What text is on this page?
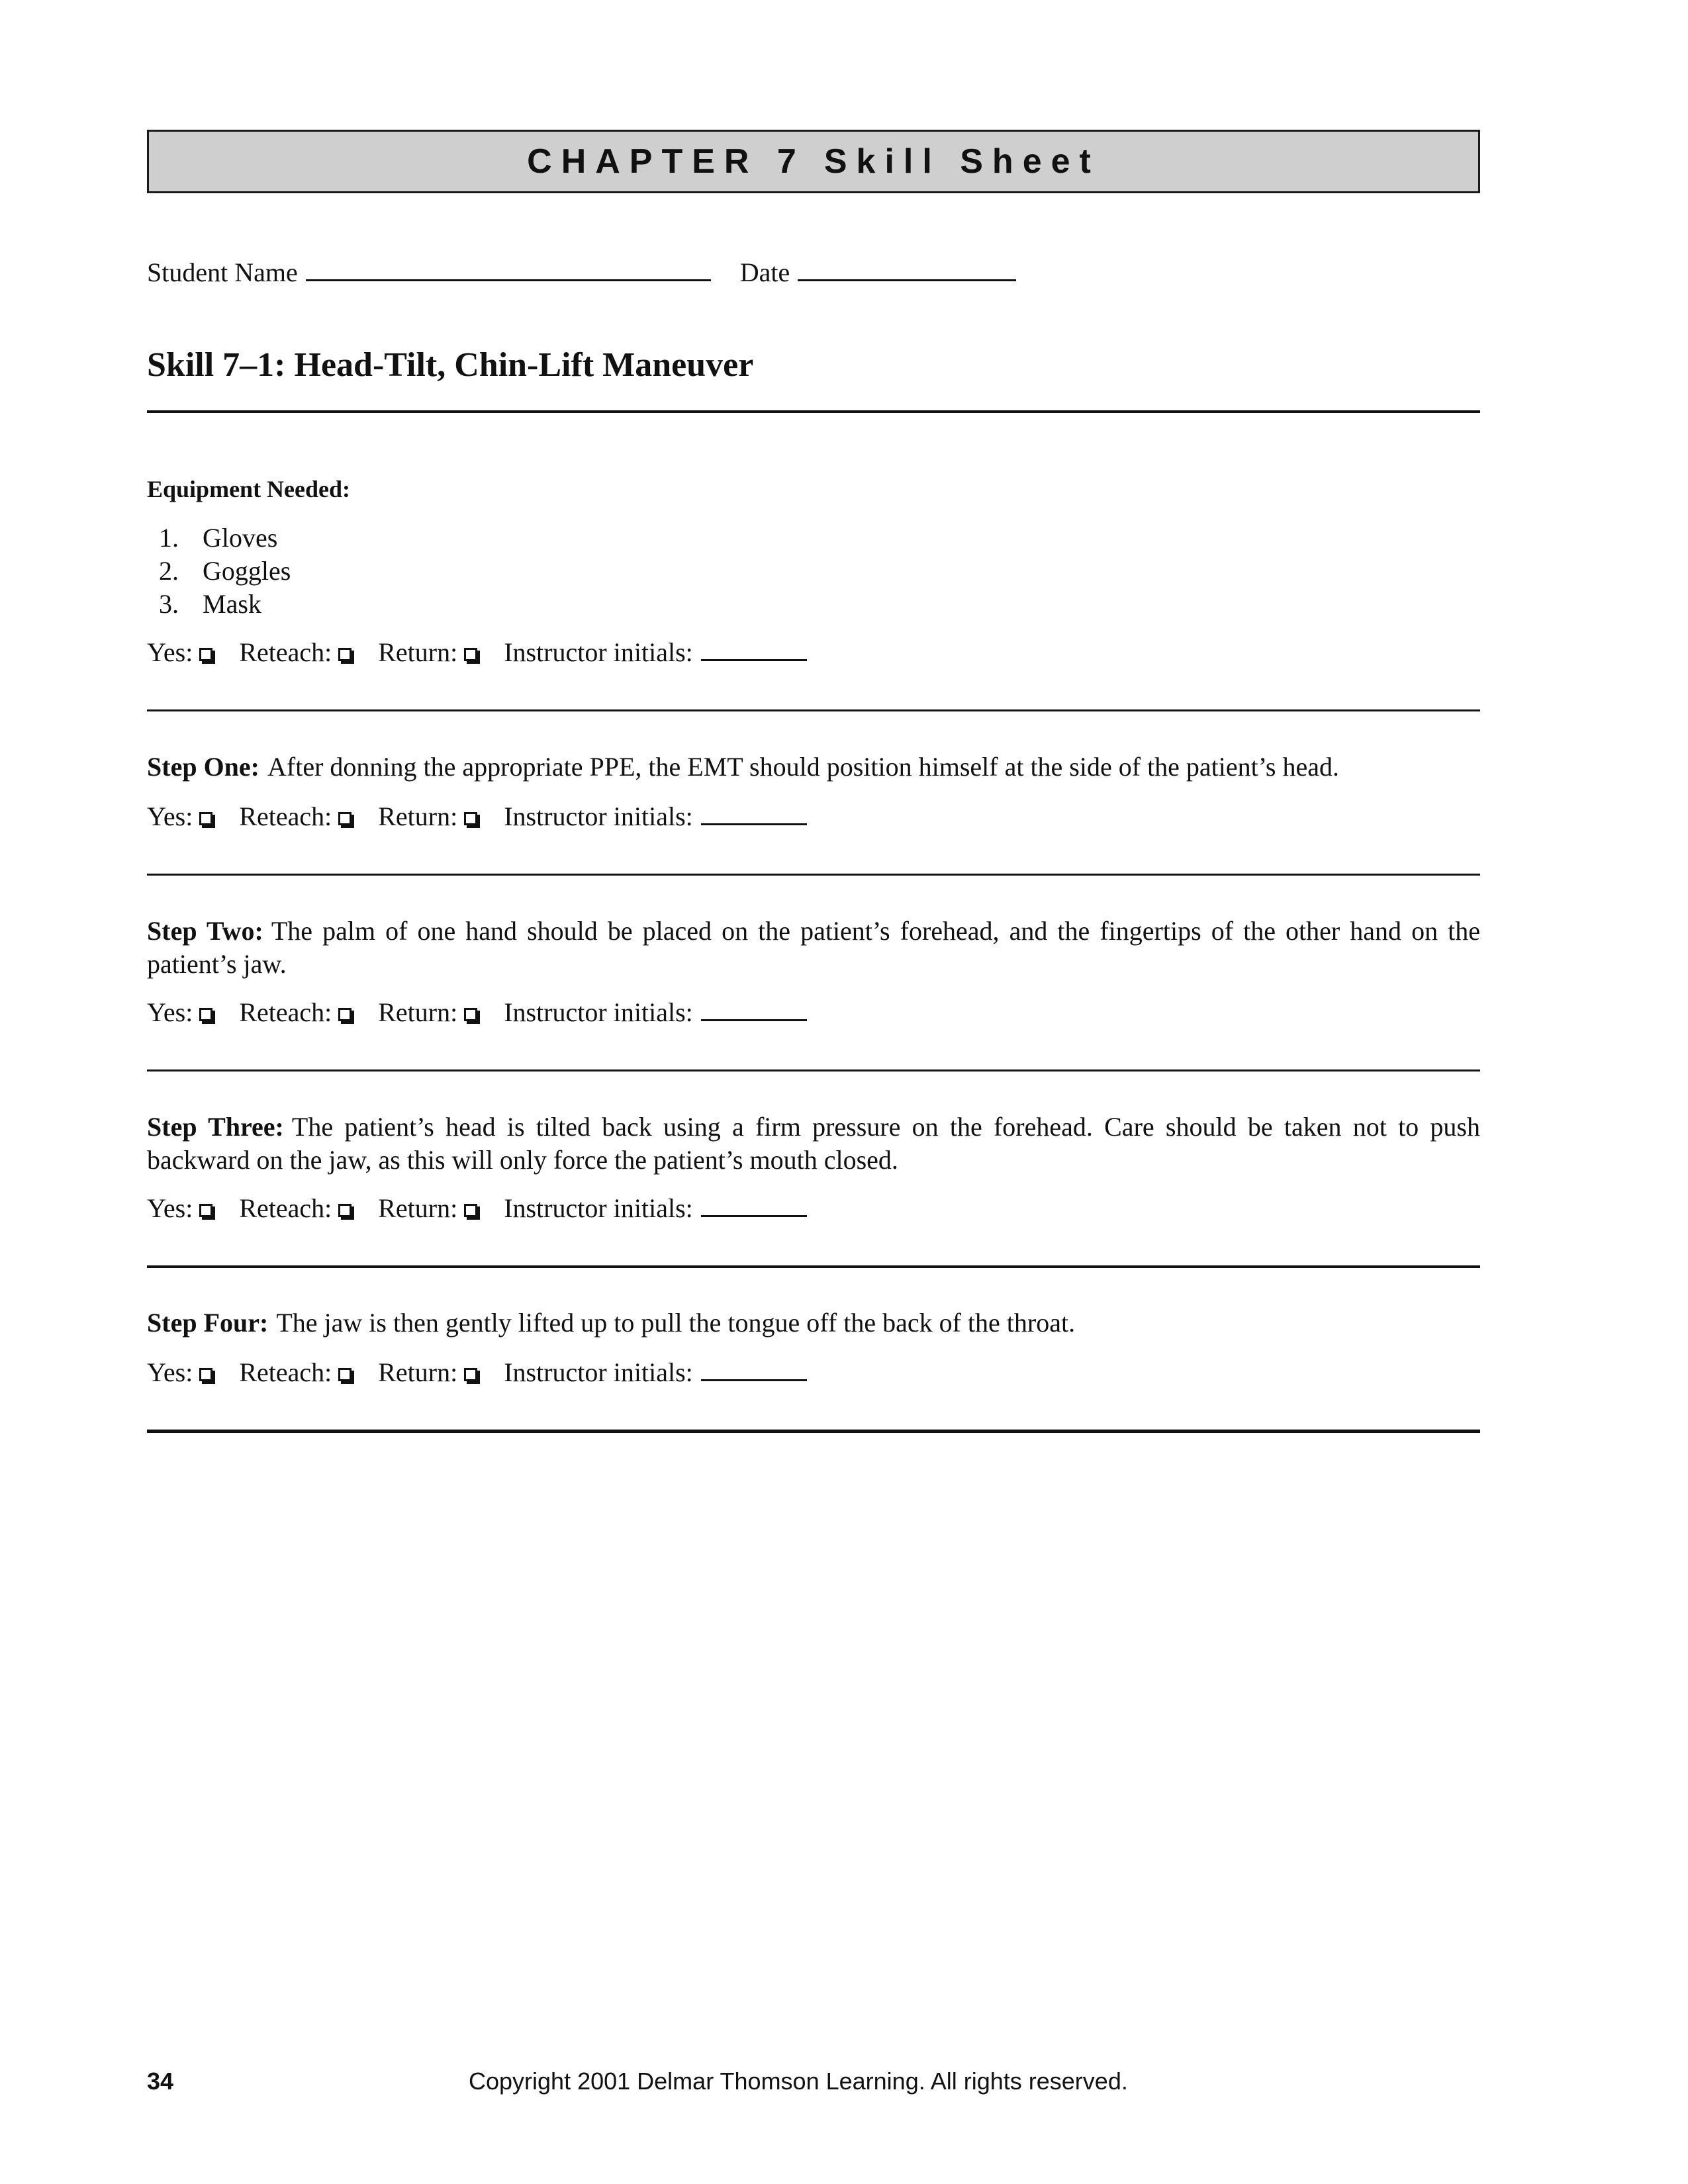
CHAPTER 7 Skill Sheet
Student Name	Date
Skill 7–1: Head-Tilt, Chin-Lift Maneuver
Equipment Needed:
1. Gloves
2. Goggles
3. Mask
Yes: Reteach: Return: Instructor initials:
Step One: After donning the appropriate PPE, the EMT should position himself at the side of the patient’s head.
Yes: Reteach: Return: Instructor initials:
Step Two: The palm of one hand should be placed on the patient’s forehead, and the fingertips of the other hand on the patient’s jaw.
Yes: Reteach: Return: Instructor initials:
Step Three: The patient’s head is tilted back using a firm pressure on the forehead. Care should be taken not to push backward on the jaw, as this will only force the patient’s mouth closed.
Yes: Reteach: Return: Instructor initials:
Step Four: The jaw is then gently lifted up to pull the tongue off the back of the throat.
Yes: Reteach: Return: Instructor initials:
34	Copyright 2001 Delmar Thomson Learning. All rights reserved.
